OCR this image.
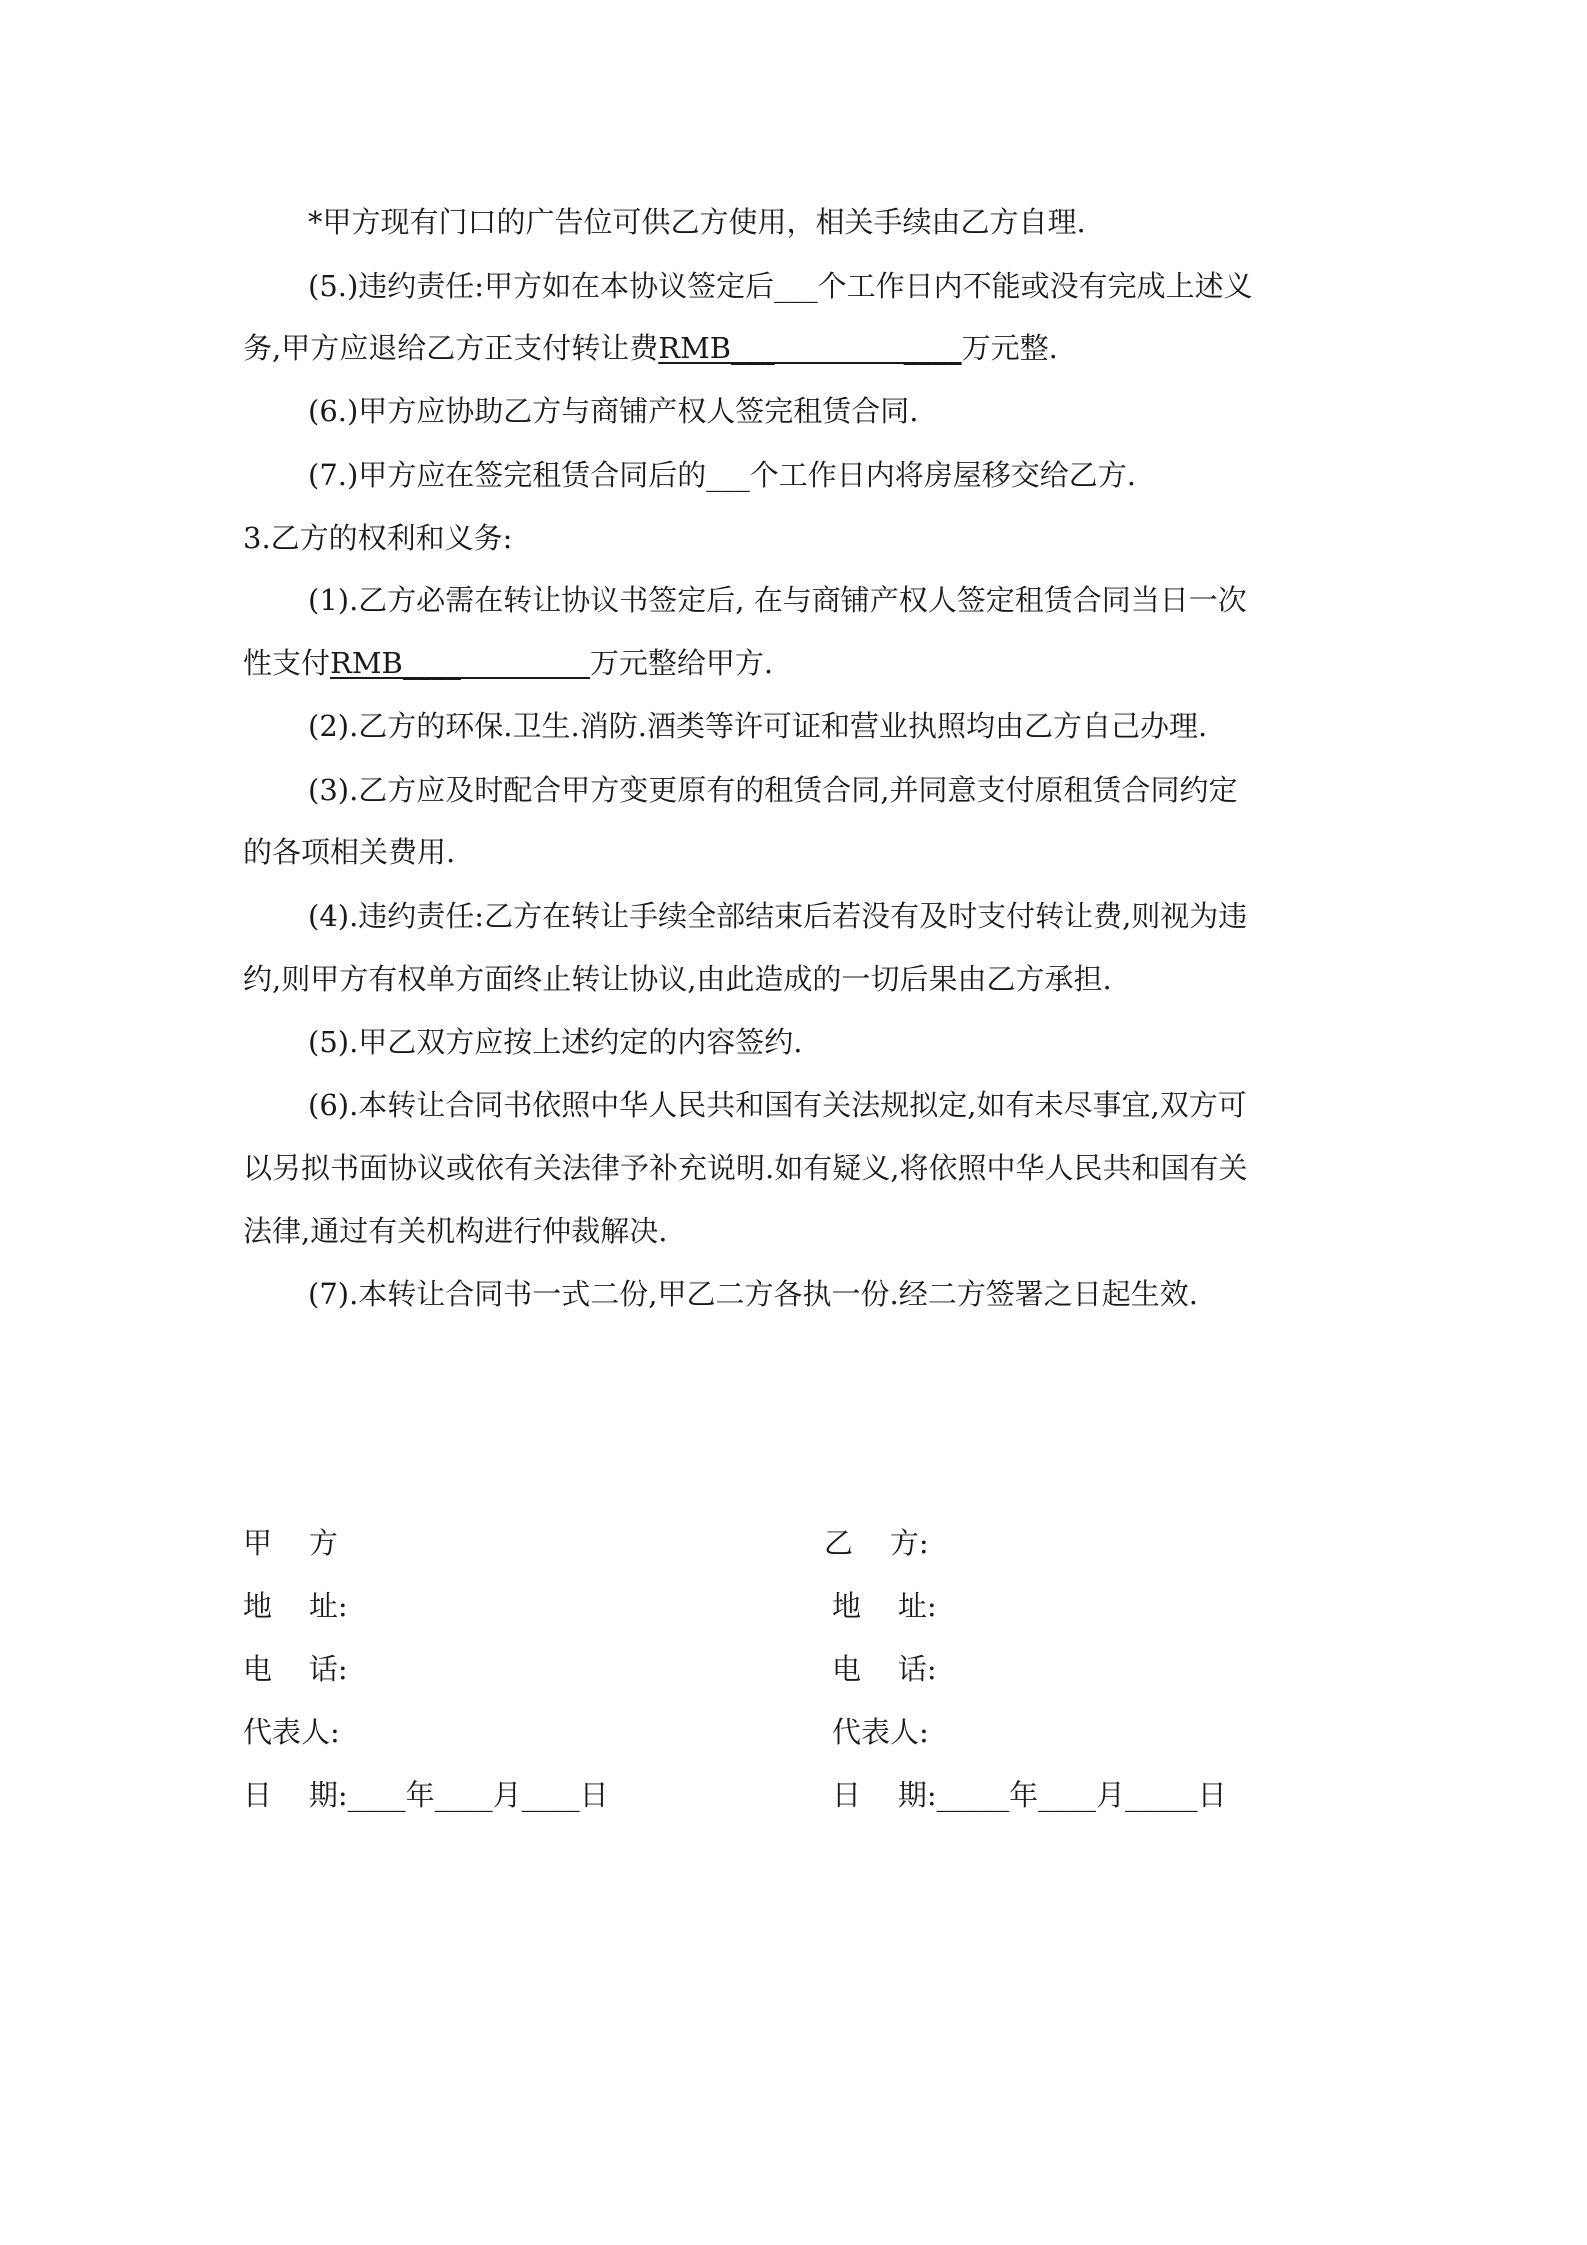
*甲方现有门口的广告位可供乙方使用，相关手续由乙方自理.
(5.)违约责任:甲方如在本协议签定后___个工作日内不能或没有完成上述义
务,甲方应退给乙方正支付转让费RMB___              ____万元整.
(6.)甲方应协助乙方与商铺产权人签完租赁合同.
(7.)甲方应在签完租赁合同后的___个工作日内将房屋移交给乙方.
3.乙方的权利和义务:
(1).乙方必需在转让协议书签定后, 在与商铺产权人签定租赁合同当日一次
性支付RMB____              万元整给甲方.
(2).乙方的环保.卫生.消防.酒类等许可证和营业执照均由乙方自己办理.
(3).乙方应及时配合甲方变更原有的租赁合同,并同意支付原租赁合同约定
的各项相关费用.
(4).违约责任:乙方在转让手续全部结束后若没有及时支付转让费,则视为违
约,则甲方有权单方面终止转让协议,由此造成的一切后果由乙方承担.
(5).甲乙双方应按上述约定的内容签约.
(6).本转让合同书依照中华人民共和国有关法规拟定,如有未尽事宜,双方可
以另拟书面协议或依有关法律予补充说明.如有疑义,将依照中华人民共和国有关
法律,通过有关机构进行仲裁解决.
(7).本转让合同书一式二份,甲乙二方各执一份.经二方签署之日起生效.
甲    方
地    址:
电    话:
代表人:
日    期:____年____月____日
乙    方:
地    址:
电    话:
代表人:
日    期:_____年____月_____日
